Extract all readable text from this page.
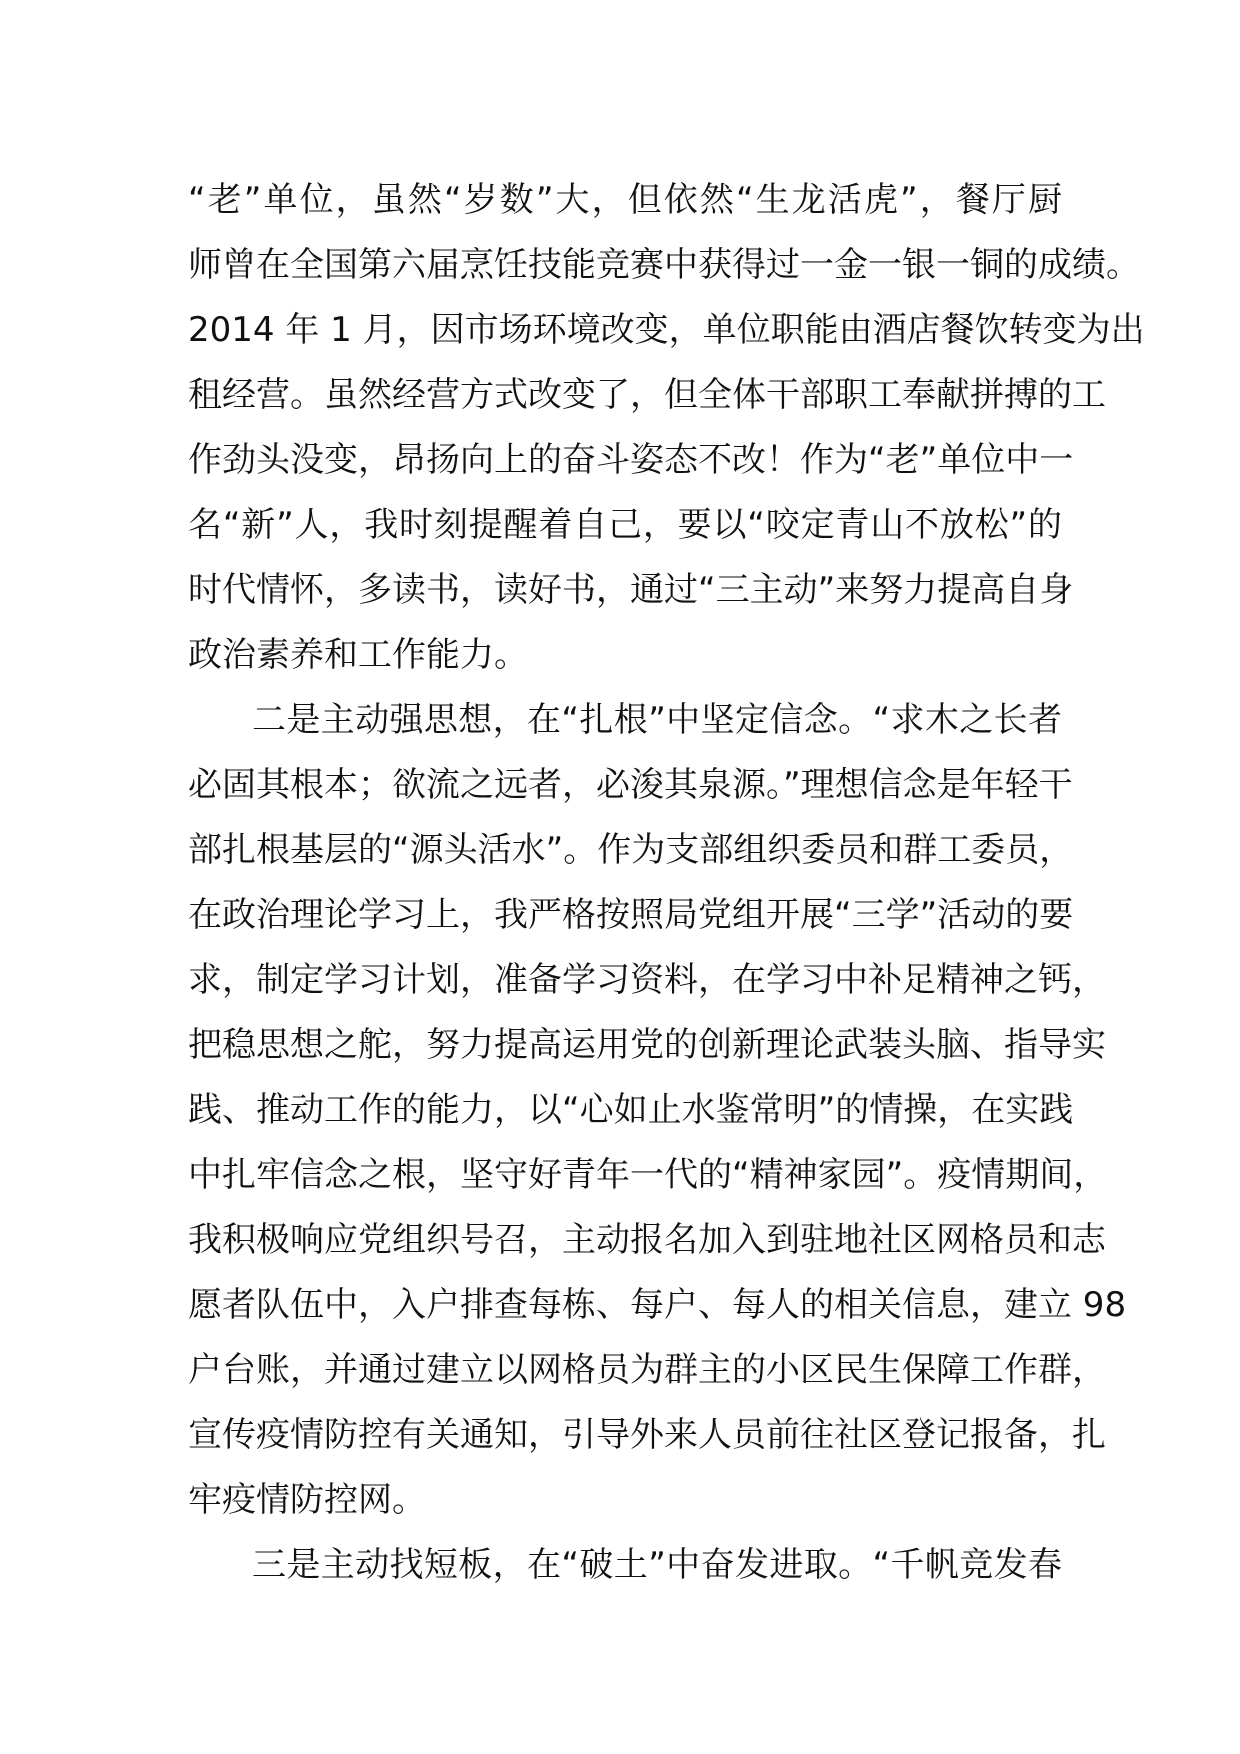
“老”单位，虽然“岁数”大，但依然“生龙活虎”，餐厅厨
师曾在全国第六届烹饪技能竞赛中获得过一金一银一铜的成绩。
2014 年 1 月，因市场环境改变，单位职能由酒店餐饮转变为出
租经营。虽然经营方式改变了，但全体干部职工奉献拼搏的工
作劲头没变，昂扬向上的奋斗姿态不改！作为“老”单位中一
名“新”人，我时刻提醒着自己，要以“咬定青山不放松”的
时代情怀，多读书，读好书，通过“三主动”来努力提高自身
政治素养和工作能力。
二是主动强思想，在“扎根”中坚定信念。“求木之长者
必固其根本；欲流之远者，必浚其泉源。”理想信念是年轻干
部扎根基层的“源头活水”。作为支部组织委员和群工委员，
在政治理论学习上，我严格按照局党组开展“三学”活动的要
求，制定学习计划，准备学习资料，在学习中补足精神之钙，
把稳思想之舵，努力提高运用党的创新理论武装头脑、指导实
践、推动工作的能力，以“心如止水鉴常明”的情操，在实践
中扎牢信念之根，坚守好青年一代的“精神家园”。疫情期间，
我积极响应党组织号召，主动报名加入到驻地社区网格员和志
愿者队伍中，入户排查每栋、每户、每人的相关信息，建立 98
户台账，并通过建立以网格员为群主的小区民生保障工作群，
宣传疫情防控有关通知，引导外来人员前往社区登记报备，扎
牢疫情防控网。
三是主动找短板，在“破土”中奋发进取。“千帆竞发春
